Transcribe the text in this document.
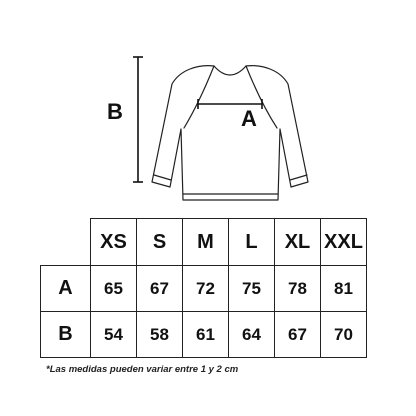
B	A
	XS	S	M	L	XL	XXL
A	65	67	72	75	78	81
B	54	58	61	64	67	70
*Las medidas pueden variar entre 1 y 2 cm
